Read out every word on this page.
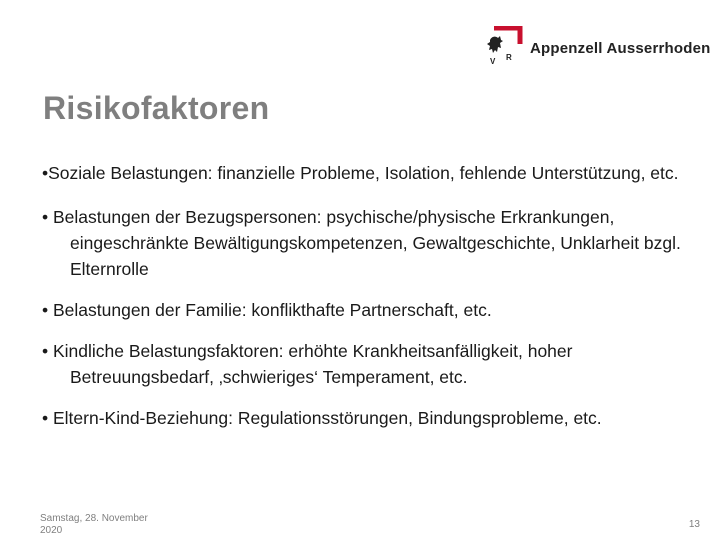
V R
Appenzell Ausserrhoden
Risikofaktoren
•Soziale Belastungen: finanzielle Probleme, Isolation, fehlende Unterstützung, etc.
• Belastungen der Bezugspersonen: psychische/physische Erkrankungen, eingeschränkte Bewältigungskompetenzen, Gewaltgeschichte, Unklarheit bzgl. Elternrolle
• Belastungen der Familie: konflikthafte Partnerschaft, etc.
• Kindliche Belastungsfaktoren: erhöhte Krankheitsanfälligkeit, hoher Betreuungsbedarf, ‚schwieriges‘ Temperament, etc.
• Eltern-Kind-Beziehung: Regulationsstörungen, Bindungsprobleme, etc.
Samstag, 28. November 2020
13
